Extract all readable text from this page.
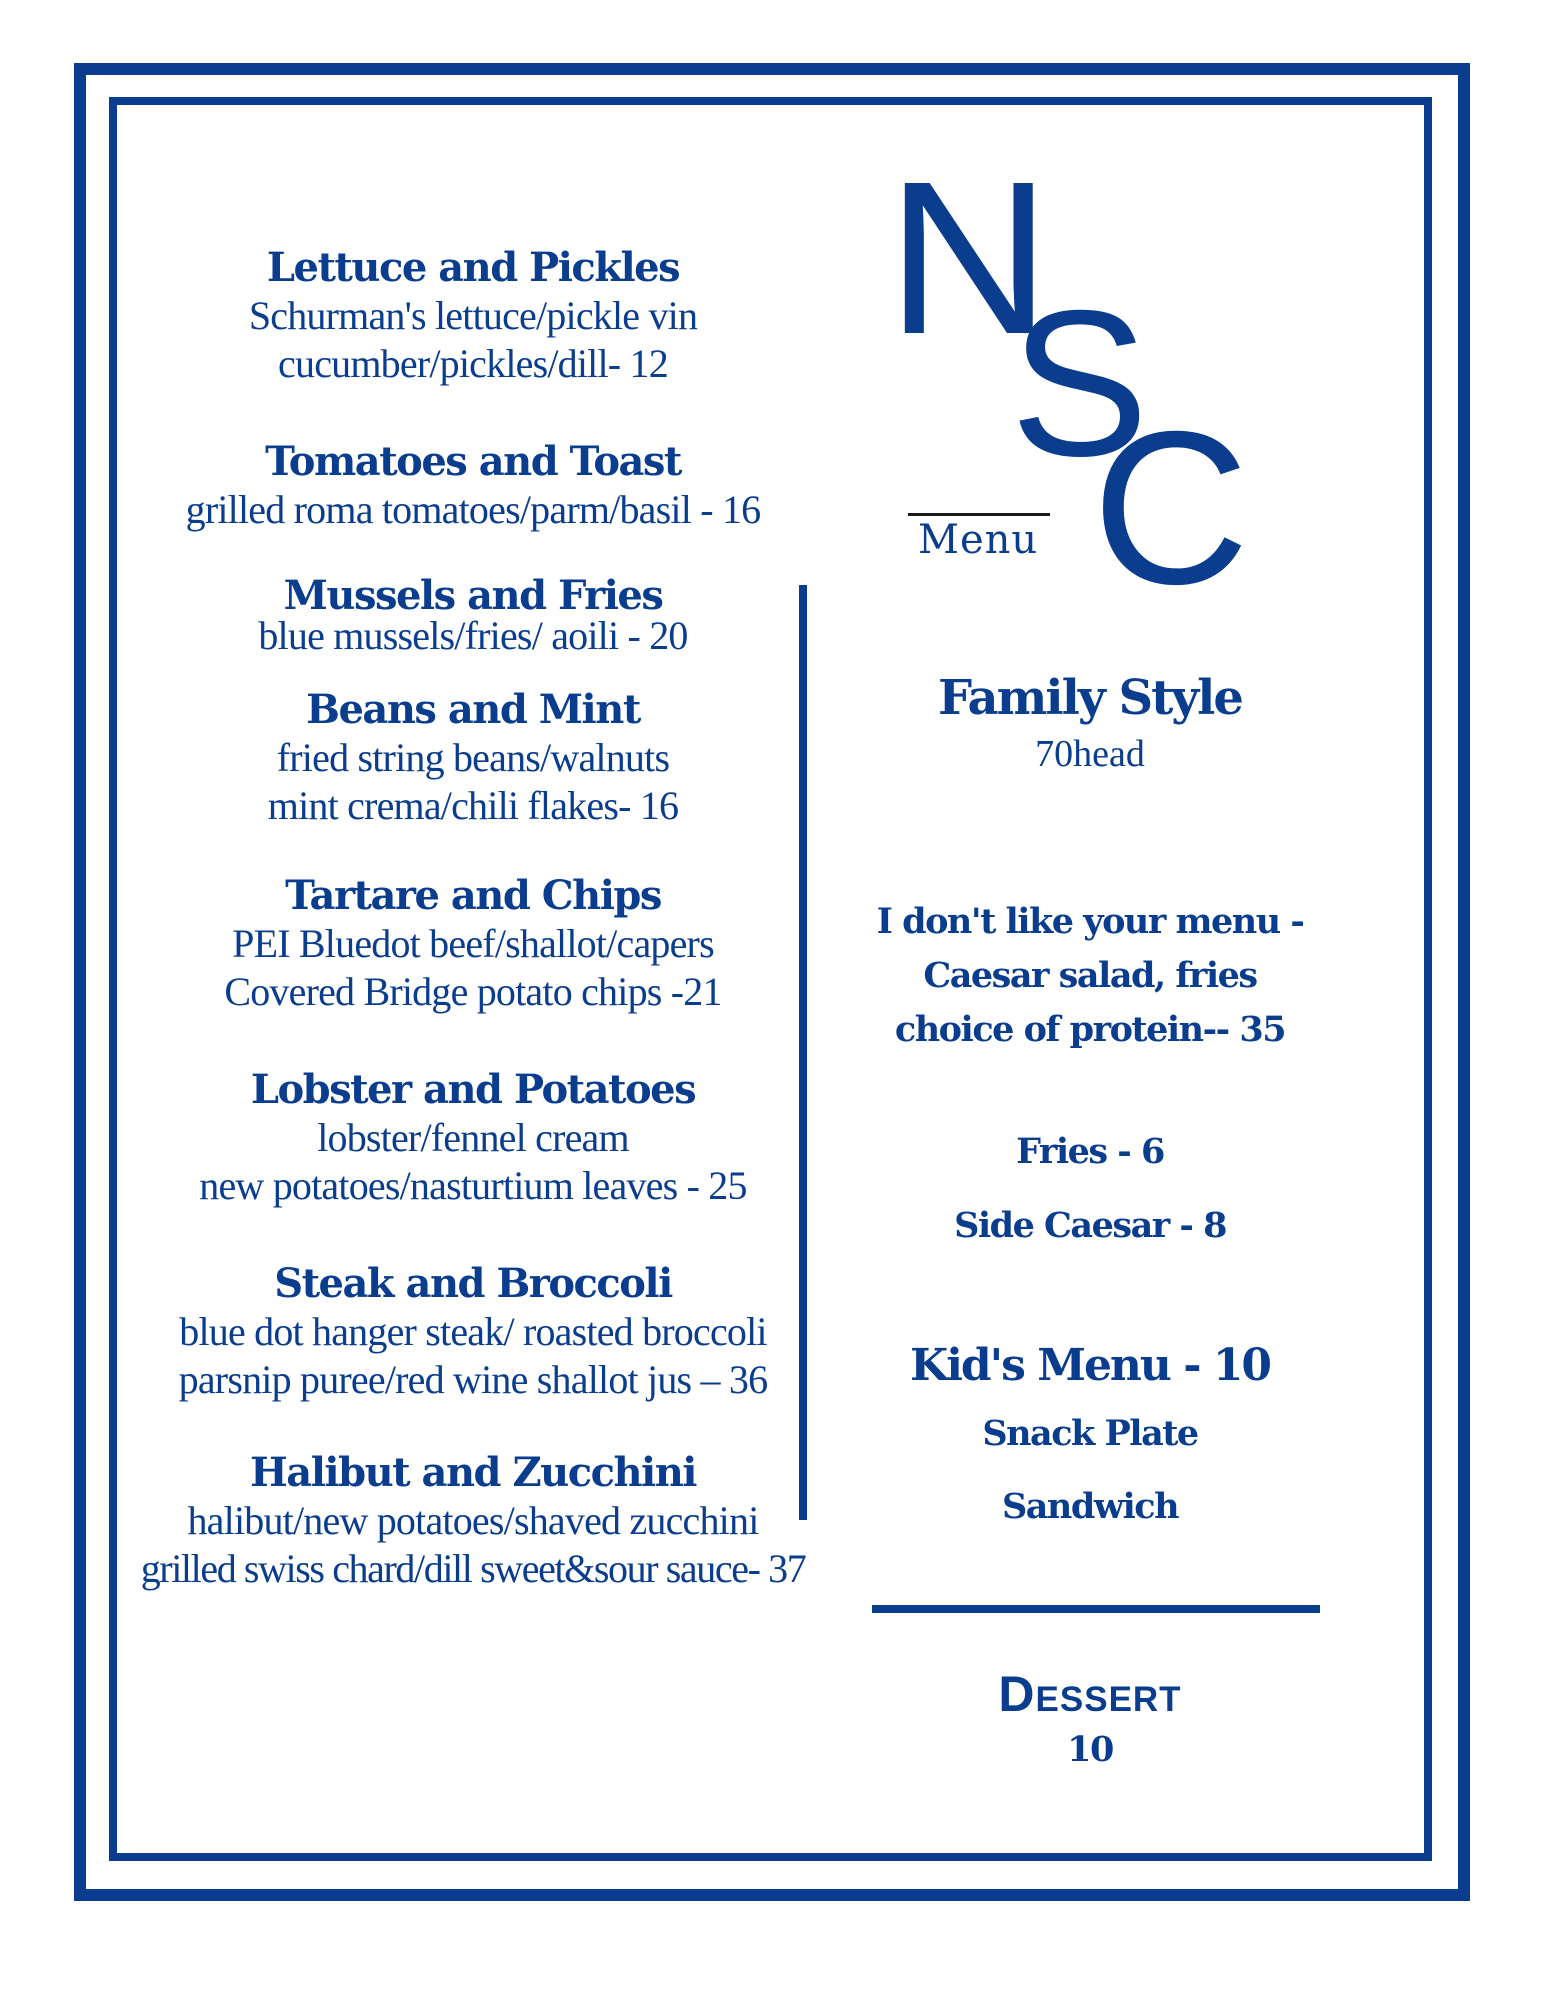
Lettuce and Pickles
Schurman's lettuce/pickle vin
cucumber/pickles/dill- 12
Tomatoes and Toast
grilled roma tomatoes/parm/basil - 16
Mussels and Fries
blue mussels/fries/ aoili - 20
Beans and Mint
fried string beans/walnuts
mint crema/chili flakes- 16
Tartare and Chips
PEI Bluedot beef/shallot/capers
Covered Bridge potato chips -21
Lobster and Potatoes
lobster/fennel cream
new potatoes/nasturtium leaves - 25
Steak and Broccoli
blue dot hanger steak/ roasted broccoli
parsnip puree/red wine shallot jus – 36
Halibut and Zucchini
halibut/new potatoes/shaved zucchini
grilled swiss chard/dill sweet&sour sauce- 37
N
S
C
Menu
Family Style
70head
I don't like your menu -
Caesar salad, fries
choice of protein-- 35
Fries - 6
Side Caesar - 8
Kid's Menu - 10
Snack Plate
Sandwich
Dessert
10
